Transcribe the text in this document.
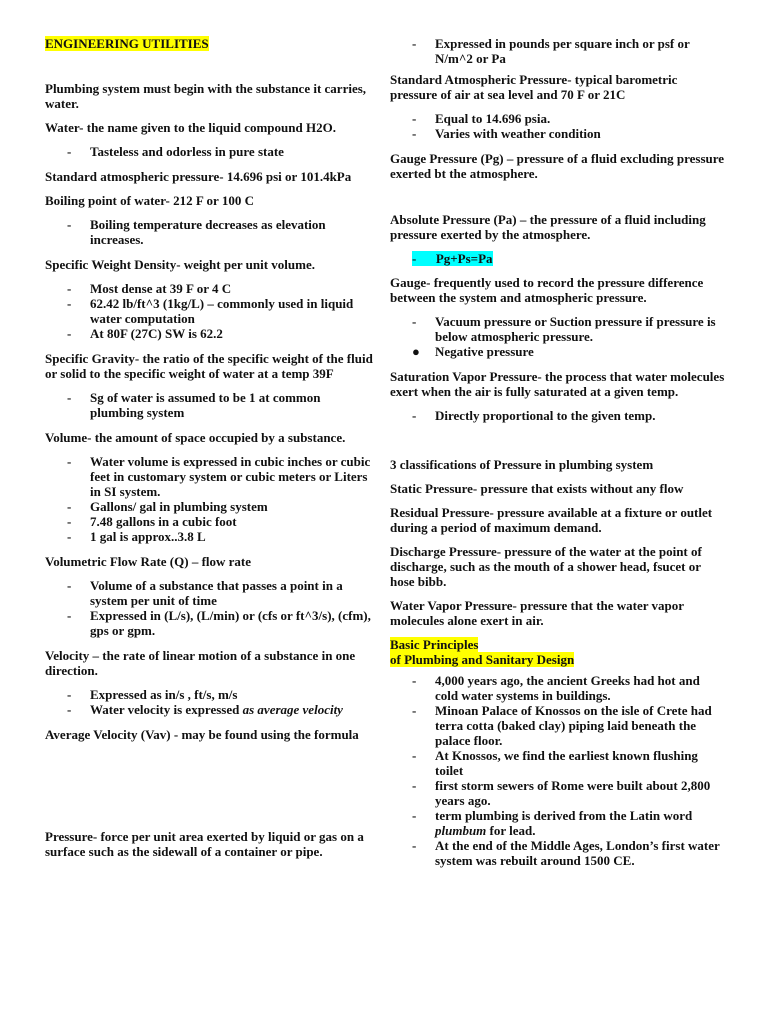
ENGINEERING UTILITIES

Plumbing system must begin with the substance it carries, water.

Water- the name given to the liquid compound H2O.

- Tasteless and odorless in pure state

Standard atmospheric pressure- 14.696 psi or 101.4kPa

Boiling point of water- 212 F or 100 C

- Boiling temperature decreases as elevation increases.

Specific Weight Density- weight per unit volume.

- Most dense at 39 F or 4 C
- 62.42 lb/ft^3 (1kg/L) – commonly used in liquid water computation
- At 80F (27C) SW is 62.2

Specific Gravity- the ratio of the specific weight of the fluid or solid to the specific weight of water at a temp 39F

- Sg of water is assumed to be 1 at common plumbing system

Volume- the amount of space occupied by a substance.

- Water volume is expressed in cubic inches or cubic feet in customary system or cubic meters or Liters in SI system.
- Gallons/ gal in plumbing system
- 7.48 gallons in a cubic foot
- 1 gal is approx..3.8 L

Volumetric Flow Rate (Q) – flow rate

- Volume of a substance that passes a point in a system per unit of time
- Expressed in (L/s), (L/min) or (cfs or ft^3/s), (cfm), gps or gpm.

Velocity – the rate of linear motion of a substance in one direction.

- Expressed as in/s , ft/s, m/s
- Water velocity is expressed as average velocity

Average Velocity (Vav) - may be found using the formula

Pressure- force per unit area exerted by liquid or gas on a surface such as the sidewall of a container or pipe.

- Expressed in pounds per square inch or psf or N/m^2 or Pa

Standard Atmospheric Pressure- typical barometric pressure of air at sea level and 70 F or 21C

- Equal to 14.696 psia.
- Varies with weather condition

Gauge Pressure (Pg) – pressure of a fluid excluding pressure exerted bt the atmosphere.

Absolute Pressure (Pa) – the pressure of a fluid including pressure exerted by the atmosphere.

-      Pg+Ps=Pa

Gauge- frequently used to record the pressure difference between the system and atmospheric pressure.

- Vacuum pressure or Suction pressure if pressure is below atmospheric pressure.
● Negative pressure

Saturation Vapor Pressure- the process that water molecules exert when the air is fully saturated at a given temp.

- Directly proportional to the given temp.

3 classifications of Pressure in plumbing system

Static Pressure- pressure that exists without any flow

Residual Pressure- pressure available at a fixture or outlet during a period of maximum demand.

Discharge Pressure- pressure of the water at the point of discharge, such as the mouth of a shower head, fsucet or hose bibb.

Water Vapor Pressure- pressure that the water vapor molecules alone exert in air.

Basic Principles
of Plumbing and Sanitary Design

- 4,000 years ago, the ancient Greeks had hot and cold water systems in buildings.
- Minoan Palace of Knossos on the isle of Crete had terra cotta (baked clay) piping laid beneath the palace floor.
- At Knossos, we find the earliest known flushing toilet
- first storm sewers of Rome were built about 2,800 years ago.
- term plumbing is derived from the Latin word plumbum for lead.
- At the end of the Middle Ages, London’s first water system was rebuilt around 1500 CE.
